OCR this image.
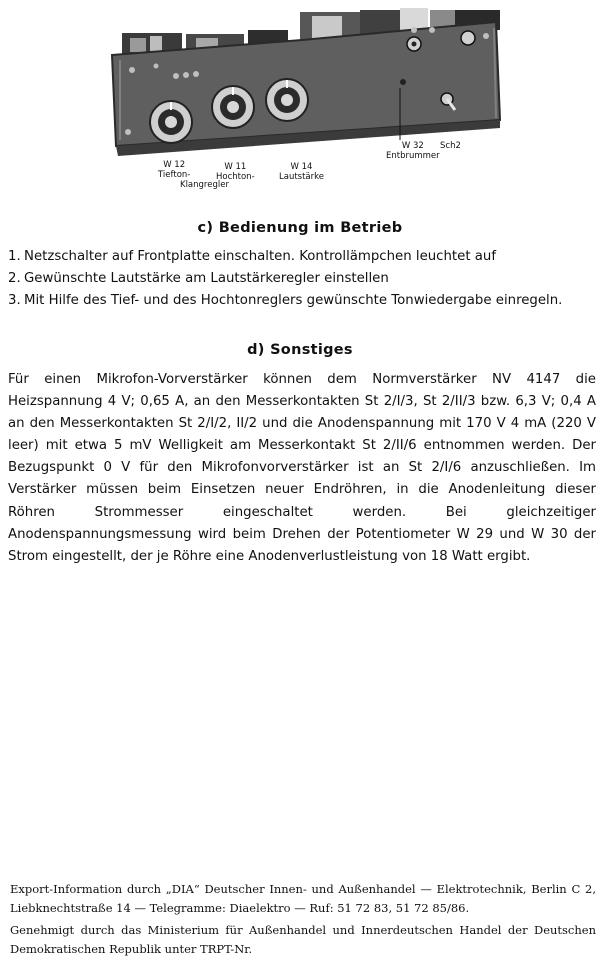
W 12
Tiefton-
Klangregler
W 11
Hochton-
W 14
Lautstärke
W 32
Entbrummer
Sch2
c) Bedienung im Betrieb
1. Netzschalter auf Frontplatte einschalten. Kontrollämpchen leuchtet auf
2. Gewünschte Lautstärke am Lautstärkeregler einstellen
3. Mit Hilfe des Tief- und des Hochtonreglers gewünschte Tonwiedergabe einregeln.
d) Sonstiges

Für einen Mikrofon-Vorverstärker können dem Normverstärker NV 4147 die Heizspannung 4 V; 0,65 A, an den Messerkontakten St 2/I/3, St 2/II/3 bzw. 6,3 V; 0,4 A an den Messerkontakten St 2/I/2, II/2 und die Anodenspannung mit 170 V 4 mA (220 V leer) mit etwa 5 mV Welligkeit am Messerkontakt St 2/II/6 entnommen werden. Der Bezugspunkt 0 V für den Mikrofonvorverstärker ist an St 2/I/6 anzuschließen. Im Verstärker müssen beim Einsetzen neuer Endröhren, in die Anodenleitung dieser Röhren Strommesser eingeschaltet werden. Bei gleichzeitiger Anodenspannungsmessung wird beim Drehen der Potentiometer W 29 und W 30 der Strom eingestellt, der je Röhre eine Anodenverlustleistung von 18 Watt ergibt.

Export-Information durch „DIA“ Deutscher Innen- und Außenhandel — Elektrotechnik, Berlin C 2, Liebknechtstraße 14 — Telegramme: Diaelektro — Ruf: 51 72 83, 51 72 85/86.

Genehmigt durch das Ministerium für Außenhandel und Innerdeutschen Handel der Deutschen Demokratischen Republik unter TRPT-Nr.
